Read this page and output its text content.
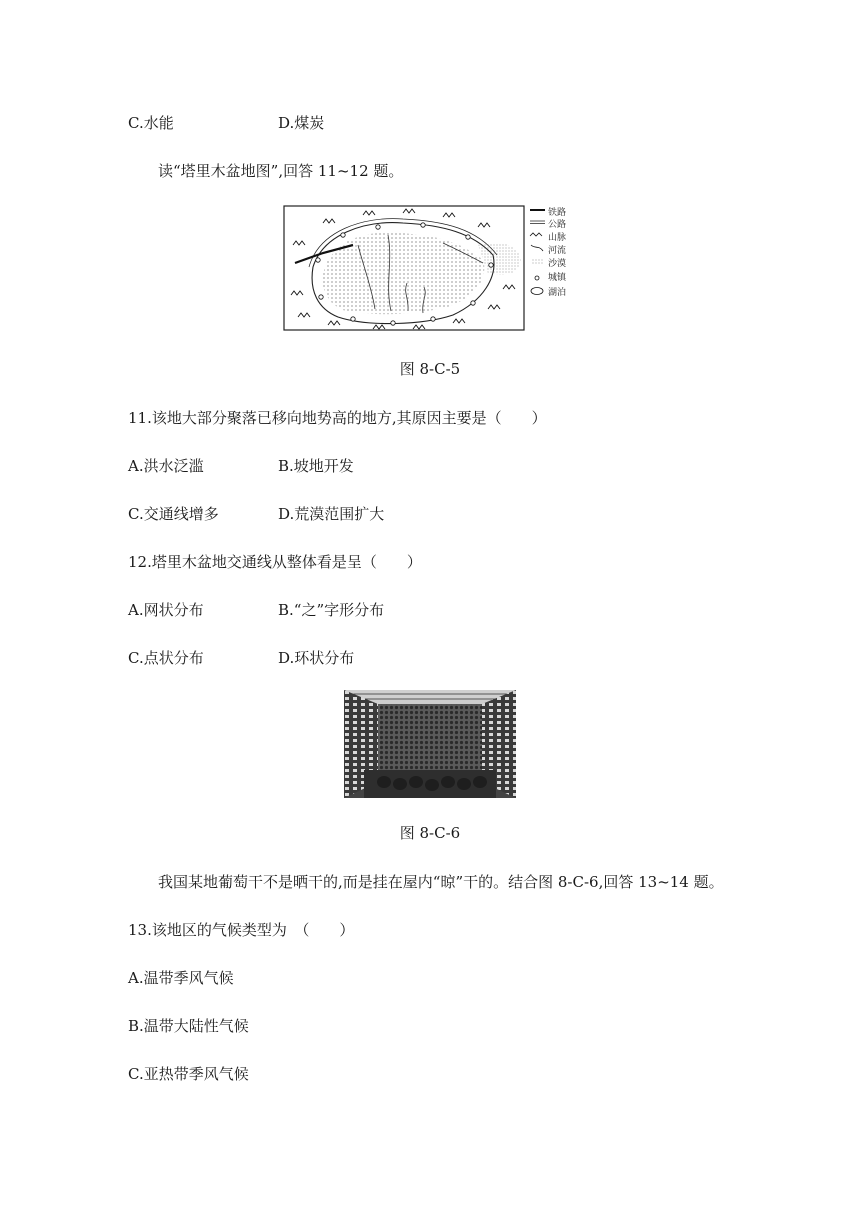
C.水能	D.煤炭
读“塔里木盆地图”,回答 11~12 题。
铁路
公路
山脉
河流
沙漠
城镇
湖泊
图 8-C-5
11.该地大部分聚落已移向地势高的地方,其原因主要是（　　）
A.洪水泛滥	B.坡地开发
C.交通线增多	D.荒漠范围扩大
12.塔里木盆地交通线从整体看是呈（　　）
A.网状分布	B.“之”字形分布
C.点状分布	D.环状分布
图 8-C-6
我国某地葡萄干不是晒干的,而是挂在屋内“晾”干的。结合图 8-C-6,回答 13~14 题。
13.该地区的气候类型为　（　　）
A.温带季风气候
B.温带大陆性气候
C.亚热带季风气候
